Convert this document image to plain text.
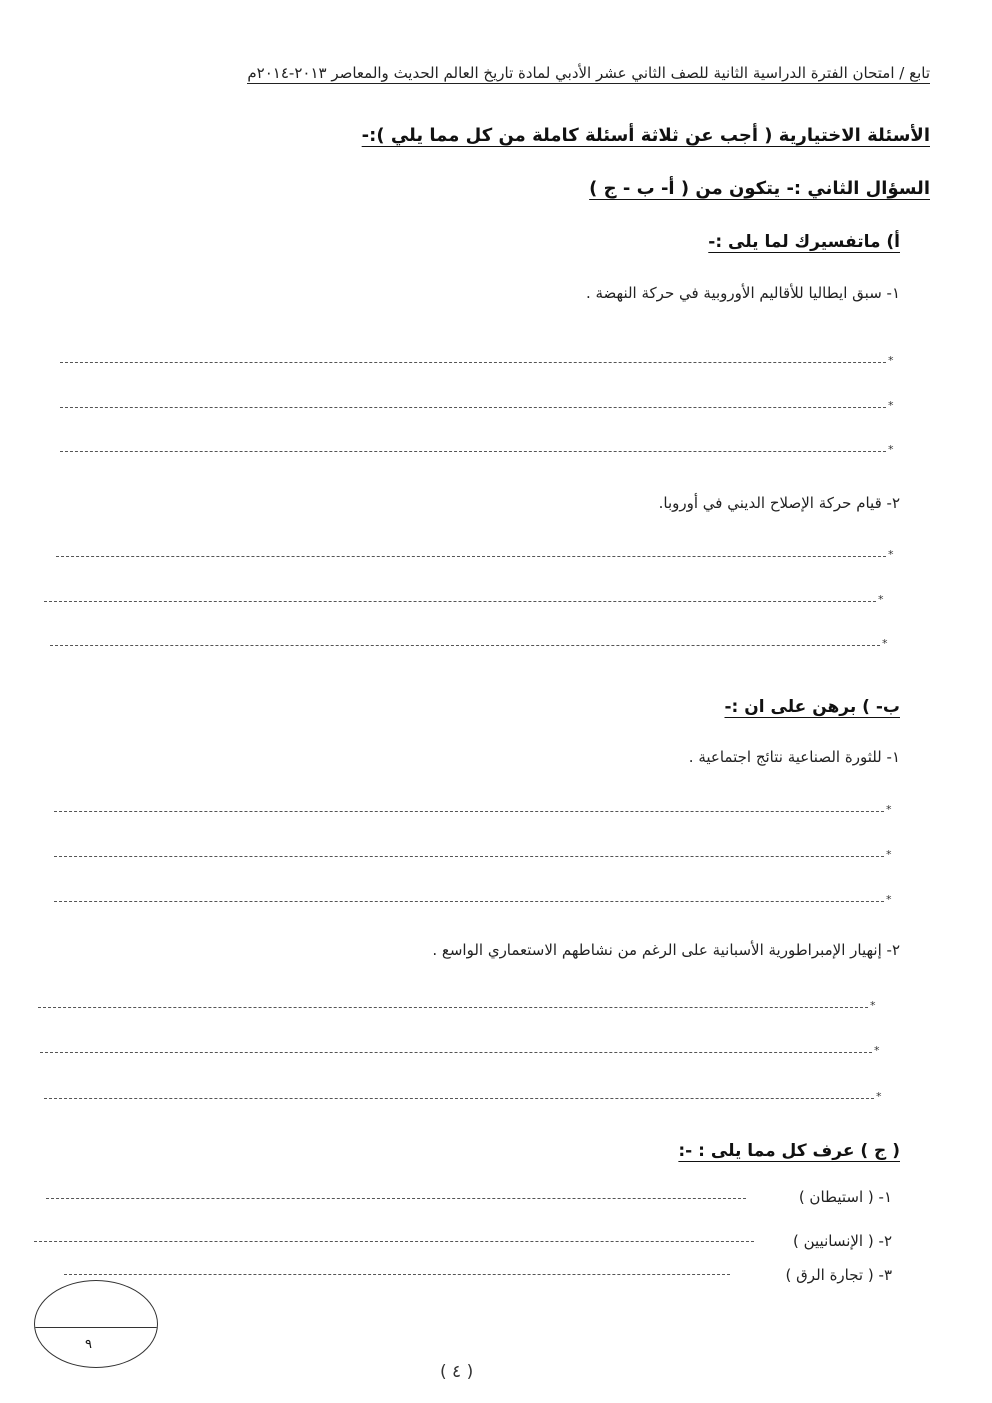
تابع / امتحان الفترة الدراسية الثانية للصف الثاني عشر الأدبي لمادة تاريخ العالم الحديث والمعاصر ٢٠١٣-٢٠١٤م
الأسئلة الاختيارية ( أجب عن ثلاثة أسئلة كاملة من كل مما يلي ):-
السؤال الثاني :- يتكون من ( أ- ب - ج )
أ) ماتفسيرك لما يلى :-
١- سبق ايطاليا للأقاليم الأوروبية في حركة النهضة .
*
*
*
٢- قيام حركة الإصلاح الديني في أوروبا.
*
*
*
ب- ) برهن على ان :-
١- للثورة الصناعية نتائج اجتماعية .
*
*
*
٢- إنهيار الإمبراطورية الأسبانية على الرغم من نشاطهم الاستعماري الواسع .
*
*
*
( ج ) عرف كل مما يلى : -:
١- ( استيطان )
٢- ( الإنسانيين )
٣- ( تجارة الرق )
٩
( ٤ )
